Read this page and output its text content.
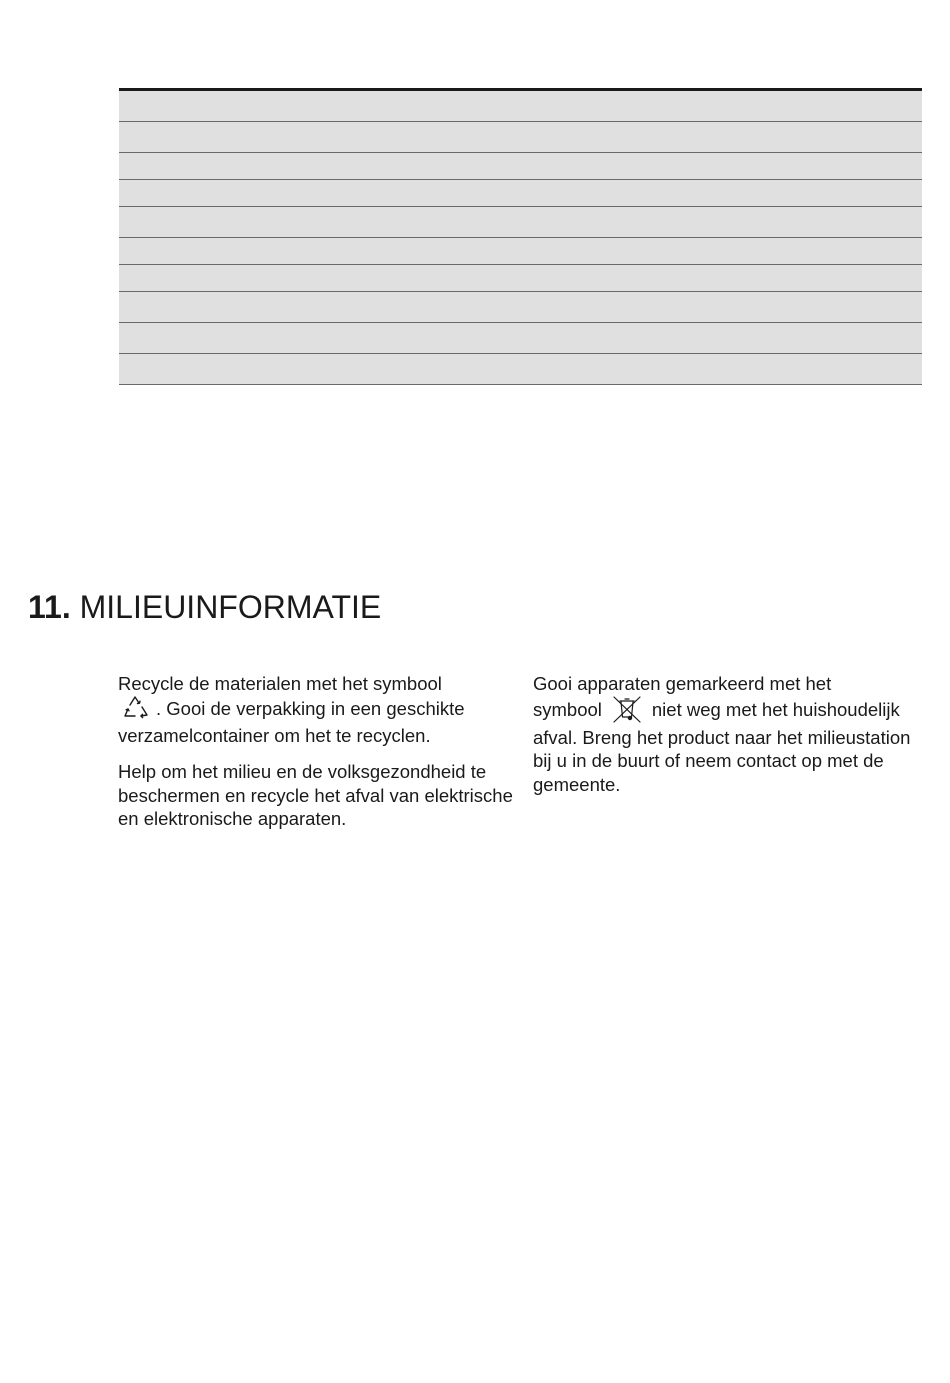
11. MILIEUINFORMATIE

Recycle de materialen met het symbool
. Gooi de verpakking in een geschikte verzamelcontainer om het te recyclen.

Help om het milieu en de volksgezondheid te beschermen en recycle het afval van elektrische en elektronische apparaten.

Gooi apparaten gemarkeerd met het
symbool	niet weg met het huishoudelijk afval. Breng het product naar het milieustation bij u in de buurt of neem contact op met de gemeente.
